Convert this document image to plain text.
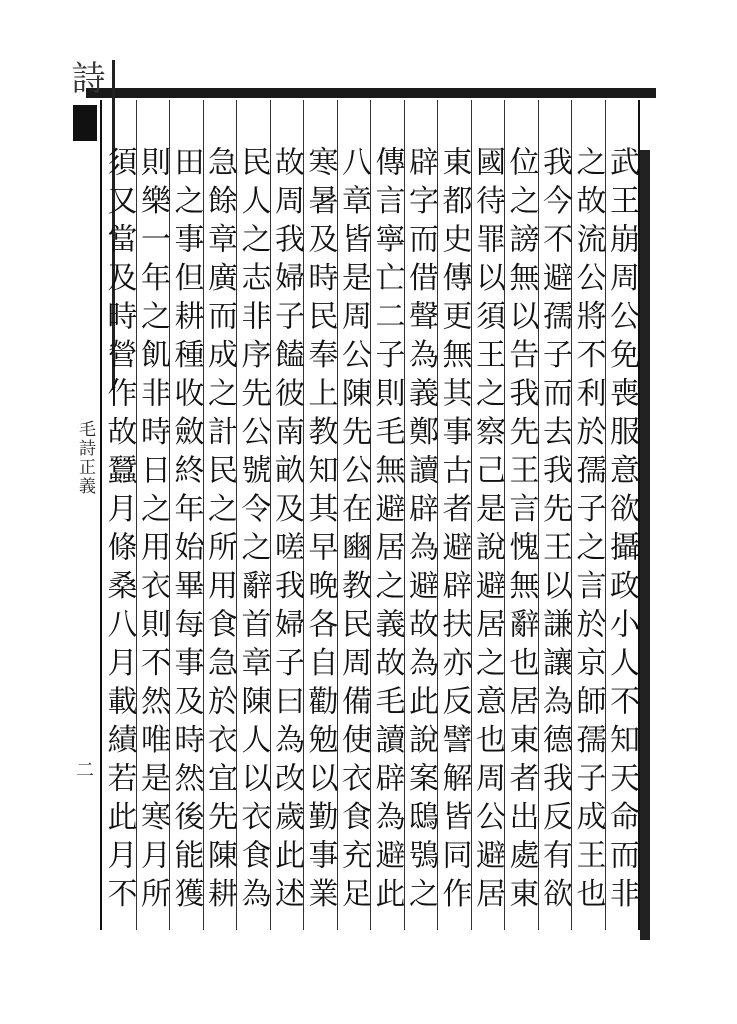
詩
毛詩正義
二	武王崩周公免喪服意欲攝政小人不知天命而非
之故流公將不利於孺子之言於京師孺子成王也
我今不避孺子而去我先王以謙讓為德我反有欲
位之謗無以告我先王言愧無辭也居東者出處東
國待罪以須王之察己是說避居之意也周公避居
東都史傳更無其事古者避辟扶亦反譬解皆同作
辟字而借聲為義鄭讀辟為避故為此說案鴟鴞之
傳言寧亡二子則毛無避居之義故毛讀辟為避此
八章皆是周公陳先公在豳教民周備使衣食充足
寒暑及時民奉上教知其早晚各自勸勉以勤事業
故周我婦子饁彼南畝及嗟我婦子曰為改歲此述
民人之志非序先公號令之辭首章陳人以衣食為
急餘章廣而成之計民之所用食急於衣宜先陳耕
田之事但耕種收斂終年始畢每事及時然後能獲
則樂一年之飢非時日之用衣則不然唯是寒月所
須又當及時營作故蠶月條桑八月載績若此月不
